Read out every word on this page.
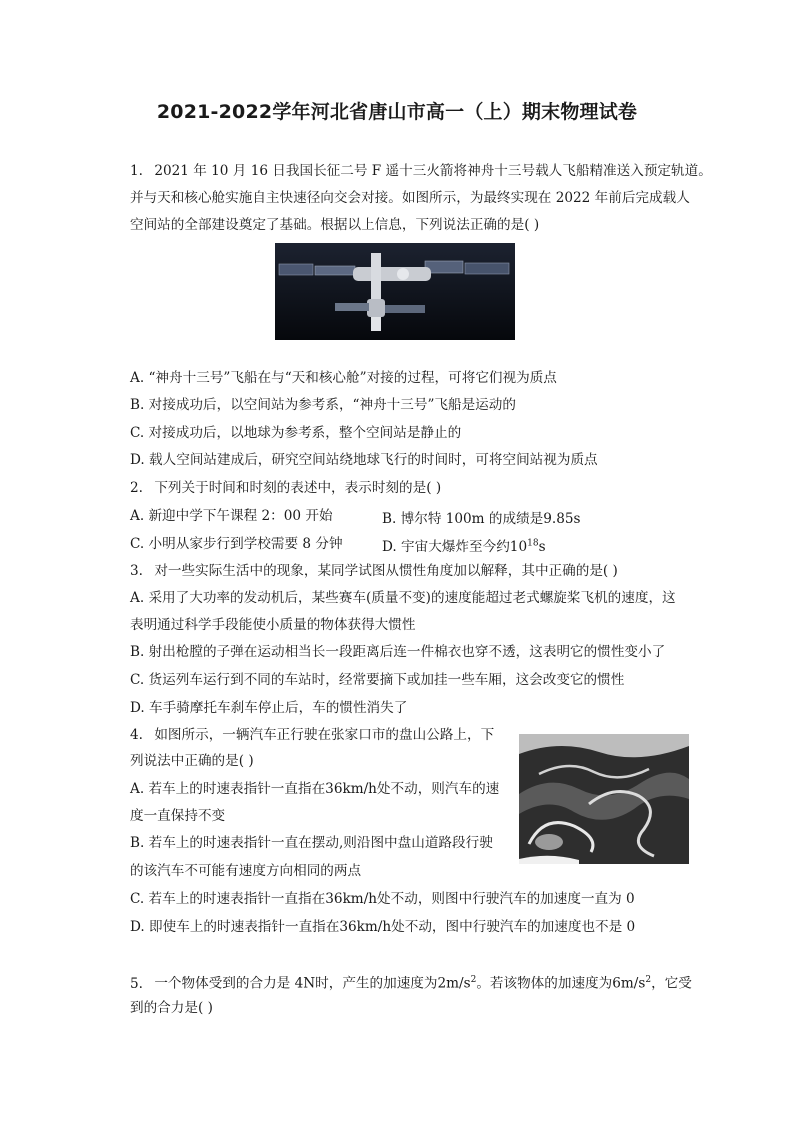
2021-2022学年河北省唐山市高一（上）期末物理试卷
1. 2021 年 10 月 16 日我国长征二号 F 遥十三火箭将神舟十三号载人飞船精准送入预定轨道。
并与天和核心舱实施自主快速径向交会对接。如图所示，为最终实现在 2022 年前后完成载人
空间站的全部建设奠定了基础。根据以上信息，下列说法正确的是( )
A. “神舟十三号”飞船在与“天和核心舱”对接的过程，可将它们视为质点
B. 对接成功后，以空间站为参考系，“神舟十三号”飞船是运动的
C. 对接成功后，以地球为参考系，整个空间站是静止的
D. 载人空间站建成后，研究空间站绕地球飞行的时间时，可将空间站视为质点
2. 下列关于时间和时刻的表述中，表示时刻的是( )
A. 新迎中学下午课程 2：00 开始	B. 博尔特 100m 的成绩是9.85s
C. 小明从家步行到学校需要 8 分钟	D. 宇宙大爆炸至今约$10^{18}s$
3. 对一些实际生活中的现象，某同学试图从惯性角度加以解释，其中正确的是( )
A. 采用了大功率的发动机后，某些赛车(质量不变)的速度能超过老式螺旋桨飞机的速度，这
表明通过科学手段能使小质量的物体获得大惯性
B. 射出枪膛的子弹在运动相当长一段距离后连一件棉衣也穿不透，这表明它的惯性变小了
C. 货运列车运行到不同的车站时，经常要摘下或加挂一些车厢，这会改变它的惯性
D. 车手骑摩托车刹车停止后，车的惯性消失了
4. 如图所示，一辆汽车正行驶在张家口市的盘山公路上，下
列说法中正确的是( )
A. 若车上的时速表指针一直指在36km/h处不动，则汽车的速
度一直保持不变
B. 若车上的时速表指针一直在摆动,则沿图中盘山道路段行驶
的该汽车不可能有速度方向相同的两点
C. 若车上的时速表指针一直指在36km/h处不动，则图中行驶汽车的加速度一直为 0
D. 即使车上的时速表指针一直指在36km/h处不动，图中行驶汽车的加速度也不是 0
5. 一个物体受到的合力是 4N时，产生的加速度为$2m/s^2$。若该物体的加速度为$6m/s^2$，它受
到的合力是( )
